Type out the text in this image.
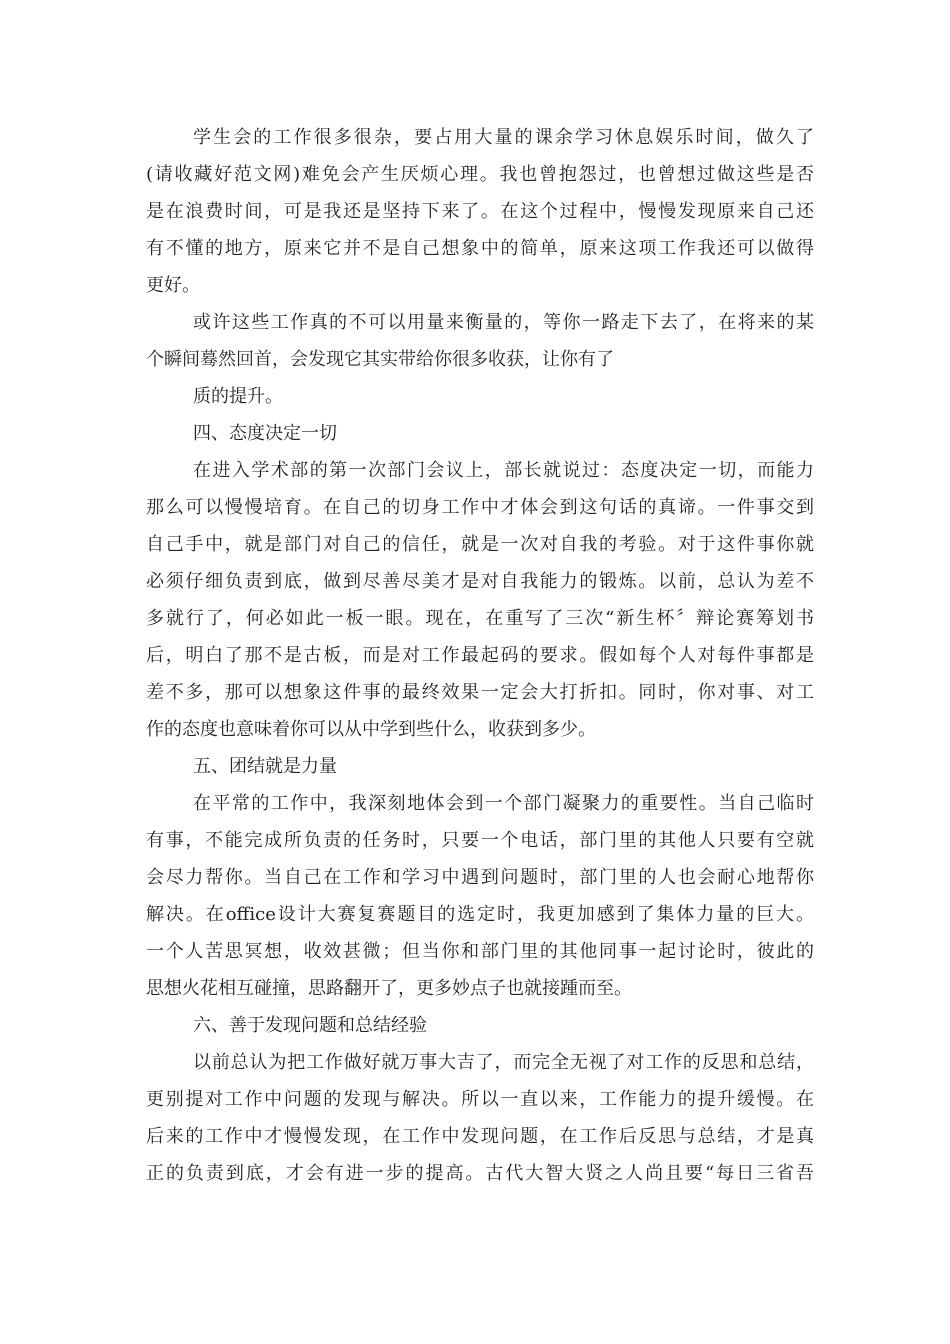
学生会的工作很多很杂，要占用大量的课余学习休息娱乐时间，做久了
(请收藏好范文网)难免会产生厌烦心理。我也曾抱怨过，也曾想过做这些是否
是在浪费时间，可是我还是坚持下来了。在这个过程中，慢慢发现原来自己还
有不懂的地方，原来它并不是自己想象中的简单，原来这项工作我还可以做得
更好。
或许这些工作真的不可以用量来衡量的，等你一路走下去了，在将来的某
个瞬间蓦然回首，会发现它其实带给你很多收获，让你有了
质的提升。
四、态度决定一切
在进入学术部的第一次部门会议上，部长就说过：态度决定一切，而能力
那么可以慢慢培育。在自己的切身工作中才体会到这句话的真谛。一件事交到
自己手中，就是部门对自己的信任，就是一次对自我的考验。对于这件事你就
必须仔细负责到底，做到尽善尽美才是对自我能力的锻炼。以前，总认为差不
多就行了，何必如此一板一眼。现在，在重写了三次“新生杯〞辩论赛筹划书
后，明白了那不是古板，而是对工作最起码的要求。假如每个人对每件事都是
差不多，那可以想象这件事的最终效果一定会大打折扣。同时，你对事、对工
作的态度也意味着你可以从中学到些什么，收获到多少。
五、团结就是力量
在平常的工作中，我深刻地体会到一个部门凝聚力的重要性。当自己临时
有事，不能完成所负责的任务时，只要一个电话，部门里的其他人只要有空就
会尽力帮你。当自己在工作和学习中遇到问题时，部门里的人也会耐心地帮你
解决。在office设计大赛复赛题目的选定时，我更加感到了集体力量的巨大。
一个人苦思冥想，收效甚微；但当你和部门里的其他同事一起讨论时，彼此的
思想火花相互碰撞，思路翻开了，更多妙点子也就接踵而至。
六、善于发现问题和总结经验
以前总认为把工作做好就万事大吉了，而完全无视了对工作的反思和总结，
更别提对工作中问题的发现与解决。所以一直以来，工作能力的提升缓慢。在
后来的工作中才慢慢发现，在工作中发现问题，在工作后反思与总结，才是真
正的负责到底，才会有进一步的提高。古代大智大贤之人尚且要“每日三省吾
